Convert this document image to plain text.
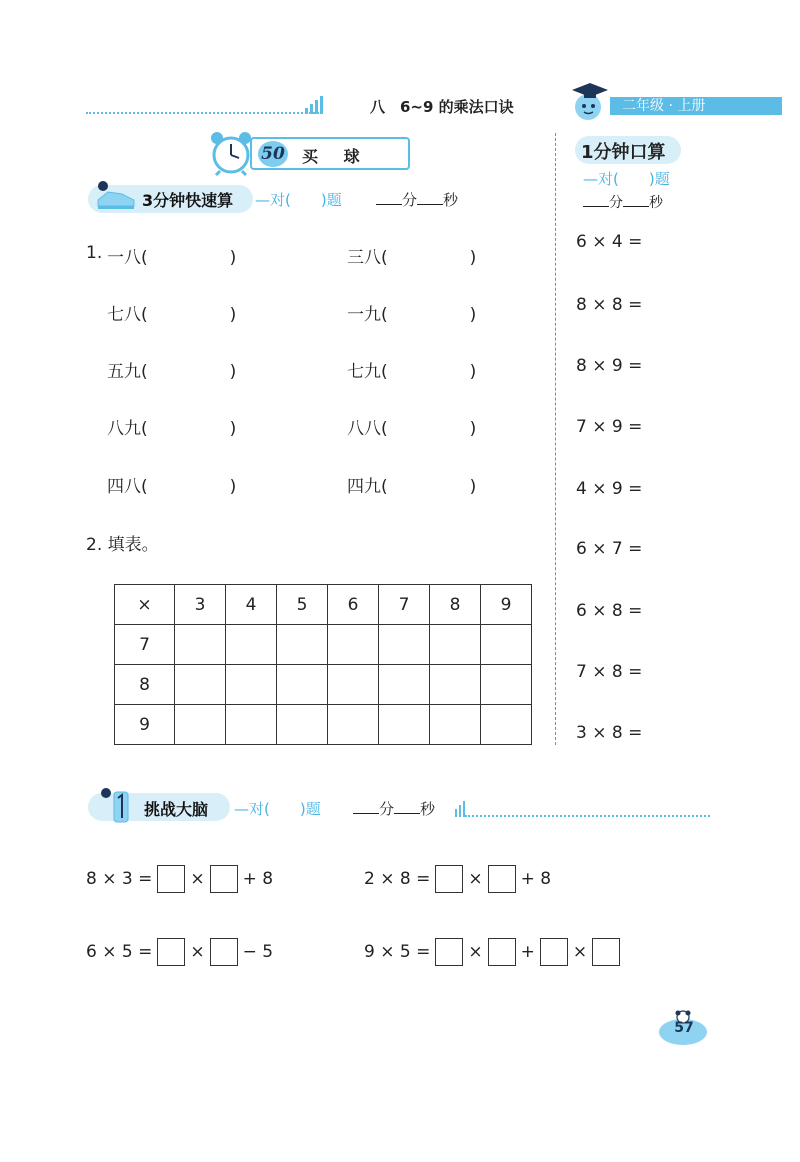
八　6~9 的乘法口诀	二年级 · 上册
50 买 球
3分钟快速算 —对(　　)题	分 秒
1. 一八(	)	三八(	)
七八(	)	一九(	)
五九(	)	七九(	)
八九(	)	八八(	)
四八(	)	四九(	)
2. 填表。
×	3	4	5	6	7	8	9
7							
8							
9							
1分钟口算
—对(　　)题
分 秒
6 × 4 =
8 × 8 =
8 × 9 =
7 × 9 =
4 × 9 =
6 × 7 =
6 × 8 =
7 × 8 =
3 × 8 =
挑战大脑 —对(　　)题	分 秒
8 × 3 = × + 8	2 × 8 = × + 8
6 × 5 = × − 5	9 × 5 = × + ×
57
